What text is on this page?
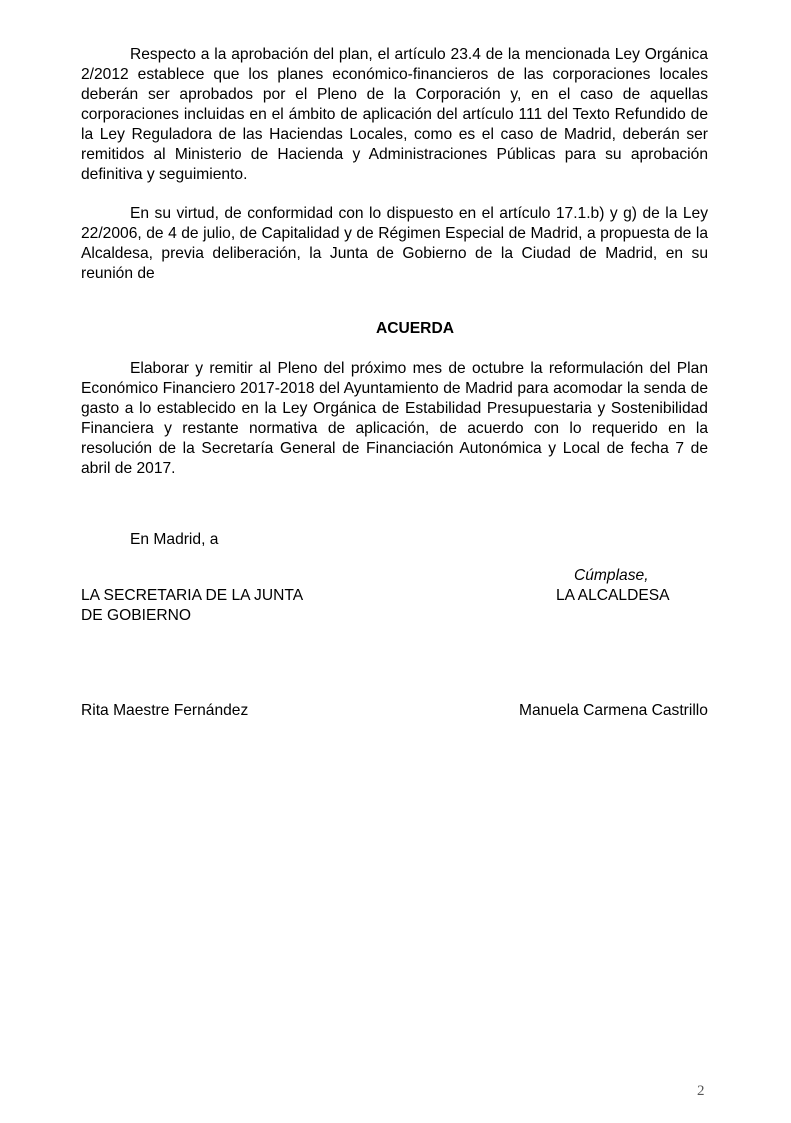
Respecto a la aprobación del plan, el artículo 23.4 de la mencionada Ley Orgánica 2/2012 establece que los planes económico-financieros de las corporaciones locales deberán ser aprobados por el Pleno de la Corporación y, en el caso de aquellas corporaciones incluidas en el ámbito de aplicación del artículo 111 del Texto Refundido de la Ley Reguladora de las Haciendas Locales, como es el caso de Madrid, deberán ser remitidos al Ministerio de Hacienda y Administraciones Públicas para su aprobación definitiva y seguimiento.

En su virtud, de conformidad con lo dispuesto en el artículo 17.1.b) y g) de la Ley 22/2006, de 4 de julio, de Capitalidad y de Régimen Especial de Madrid, a propuesta de la Alcaldesa, previa deliberación, la Junta de Gobierno de la Ciudad de Madrid, en su reunión de

ACUERDA

Elaborar y remitir al Pleno del próximo mes de octubre la reformulación del Plan Económico Financiero 2017-2018 del Ayuntamiento de Madrid para acomodar la senda de gasto a lo establecido en la Ley Orgánica de Estabilidad Presupuestaria y Sostenibilidad Financiera y restante normativa de aplicación, de acuerdo con lo requerido en la resolución de la Secretaría General de Financiación Autonómica y Local de fecha 7 de abril de 2017.

En Madrid, a
Cúmplase,
LA SECRETARIA DE LA JUNTA
DE GOBIERNO
LA ALCALDESA
Rita Maestre Fernández	Manuela Carmena Castrillo
2
